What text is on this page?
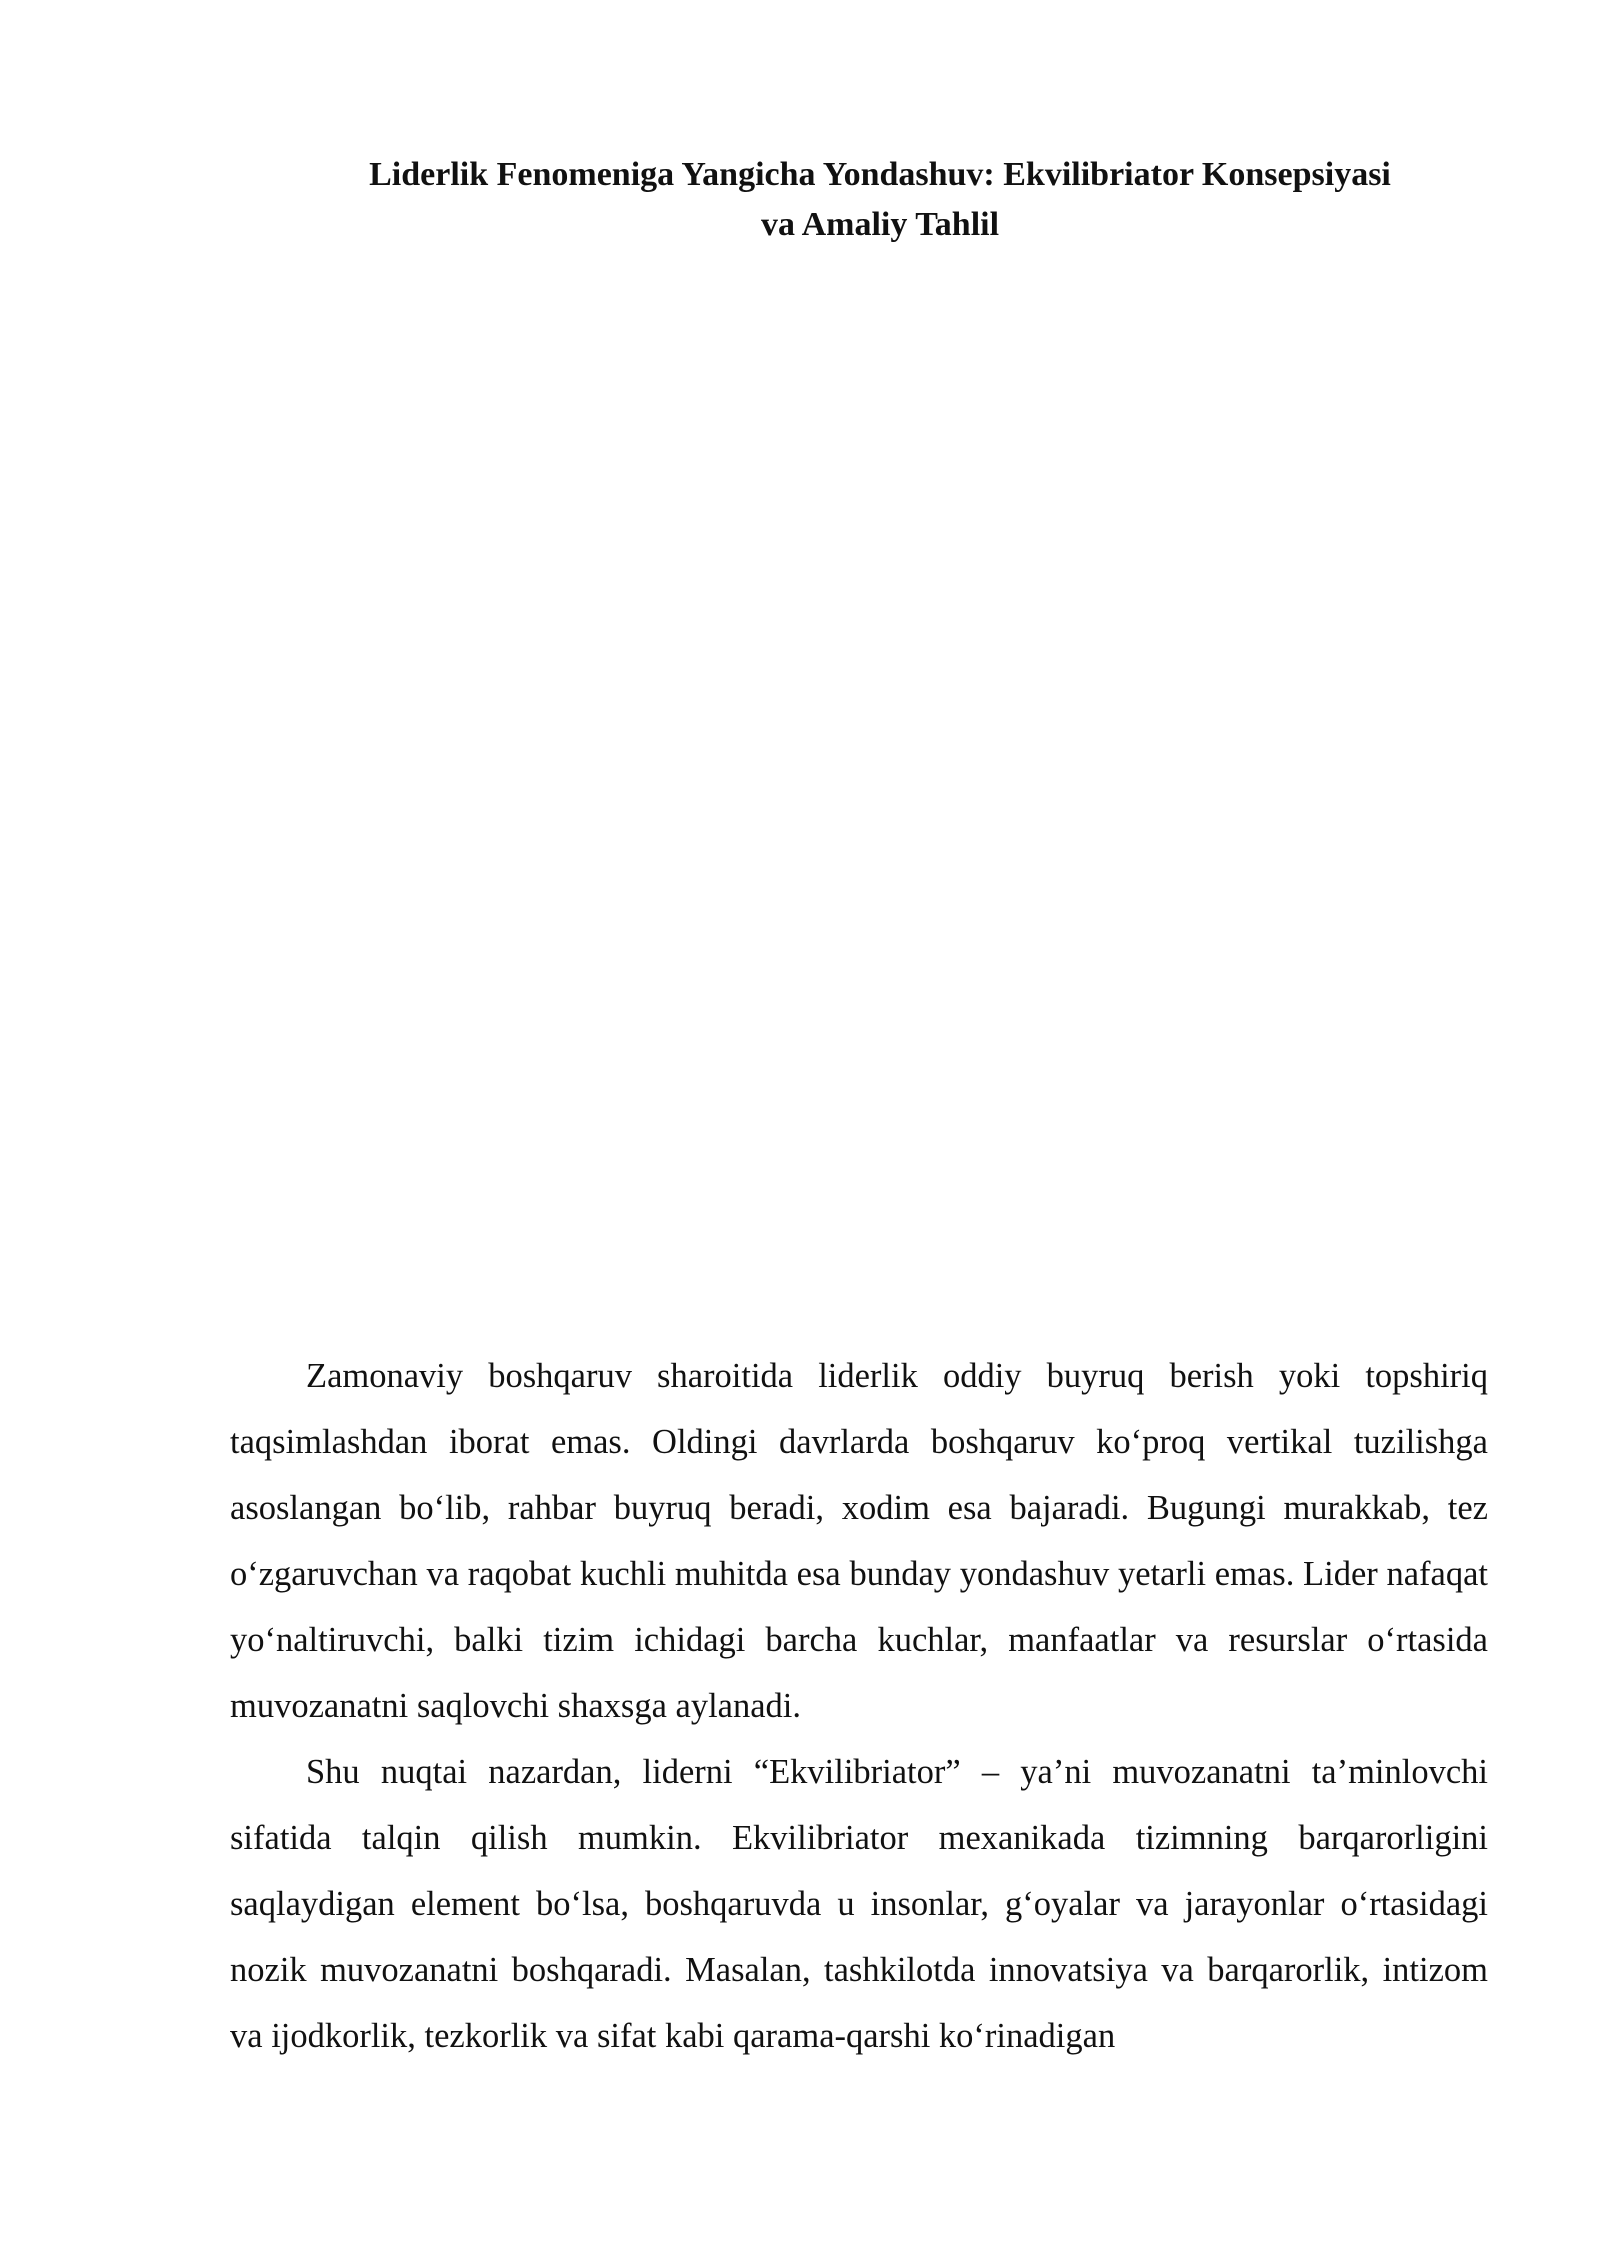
Liderlik Fenomeniga Yangicha Yondashuv: Ekvilibriator Konsepsiyasi
va Amaliy Tahlil

Zamonaviy boshqaruv sharoitida liderlik oddiy buyruq berish yoki topshiriq taqsimlashdan iborat emas. Oldingi davrlarda boshqaruv ko‘proq vertikal tuzilishga asoslangan bo‘lib, rahbar buyruq beradi, xodim esa bajaradi. Bugungi murakkab, tez o‘zgaruvchan va raqobat kuchli muhitda esa bunday yondashuv yetarli emas. Lider nafaqat yo‘naltiruvchi, balki tizim ichidagi barcha kuchlar, manfaatlar va resurslar o‘rtasida muvozanatni saqlovchi shaxsga aylanadi.

Shu nuqtai nazardan, liderni “Ekvilibriator” – ya’ni muvozanatni ta’minlovchi sifatida talqin qilish mumkin. Ekvilibriator mexanikada tizimning barqarorligini saqlaydigan element bo‘lsa, boshqaruvda u insonlar, g‘oyalar va jarayonlar o‘rtasidagi nozik muvozanatni boshqaradi. Masalan, tashkilotda innovatsiya va barqarorlik, intizom va ijodkorlik, tezkorlik va sifat kabi qarama-qarshi ko‘rinadigan
